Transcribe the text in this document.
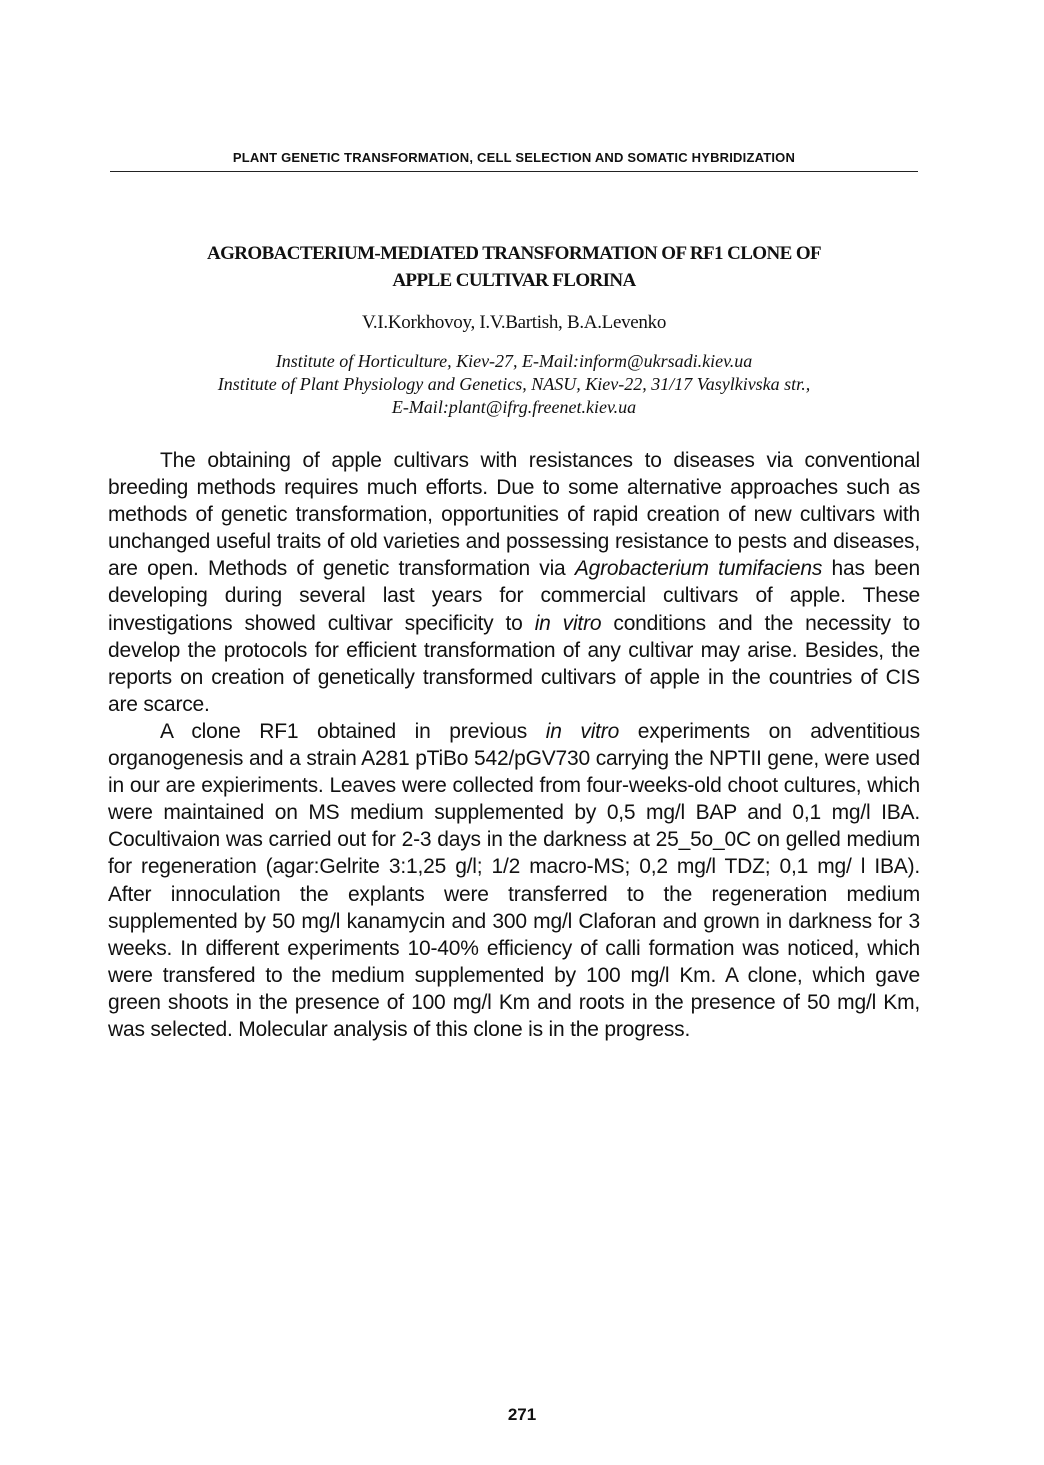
PLANT GENETIC TRANSFORMATION, CELL SELECTION AND SOMATIC HYBRIDIZATION
AGROBACTERIUM-MEDIATED TRANSFORMATION OF RF1 CLONE OF
APPLE CULTIVAR FLORINA
V.I.Korkhovoy, I.V.Bartish, B.A.Levenko
Institute of Horticulture, Kiev-27, E-Mail:inform@ukrsadi.kiev.ua
Institute of Plant Physiology and Genetics, NASU, Kiev-22, 31/17 Vasylkivska str.,
E-Mail:plant@ifrg.freenet.kiev.ua

The obtaining of apple cultivars with resistances to diseases via conventional breeding methods requires much efforts. Due to some alternative approaches such as methods of genetic transformation, opportunities of rapid creation of new cultivars with unchanged useful traits of old varieties and possessing resistance to pests and diseases, are open. Methods of genetic transformation via Agrobacterium tumifaciens has been developing during several last years for commercial cultivars of apple. These investigations showed cultivar specificity to in vitro conditions and the necessity to develop the protocols for efficient transformation of any cultivar may arise. Besides, the reports on creation of genetically transformed cultivars of apple in the countries of CIS are scarce.

A clone RF1 obtained in previous in vitro experiments on adventitious organogenesis and a strain A281 pTiBo 542/pGV730 carrying the NPTII gene, were used in our are expieriments. Leaves were collected from four-weeks-old choot cultures, which were maintained on MS medium supplemented by 0,5 mg/l BAP and 0,1 mg/l IBA. Cocultivaion was carried out for 2-3 days in the darkness at 25_5o_0C on gelled medium for regeneration (agar:Gelrite 3:1,25 g/l; 1/2 macro-MS; 0,2 mg/l TDZ; 0,1 mg/ l IBA). After innoculation the explants were transferred to the regeneration medium supplemented by 50 mg/l kanamycin and 300 mg/l Claforan and grown in darkness for 3 weeks. In different experiments 10-40% efficiency of calli formation was noticed, which were transfered to the medium supplemented by 100 mg/l Km. A clone, which gave green shoots in the presence of 100 mg/l Km and roots in the presence of 50 mg/l Km, was selected. Molecular analysis of this clone is in the progress.

271
